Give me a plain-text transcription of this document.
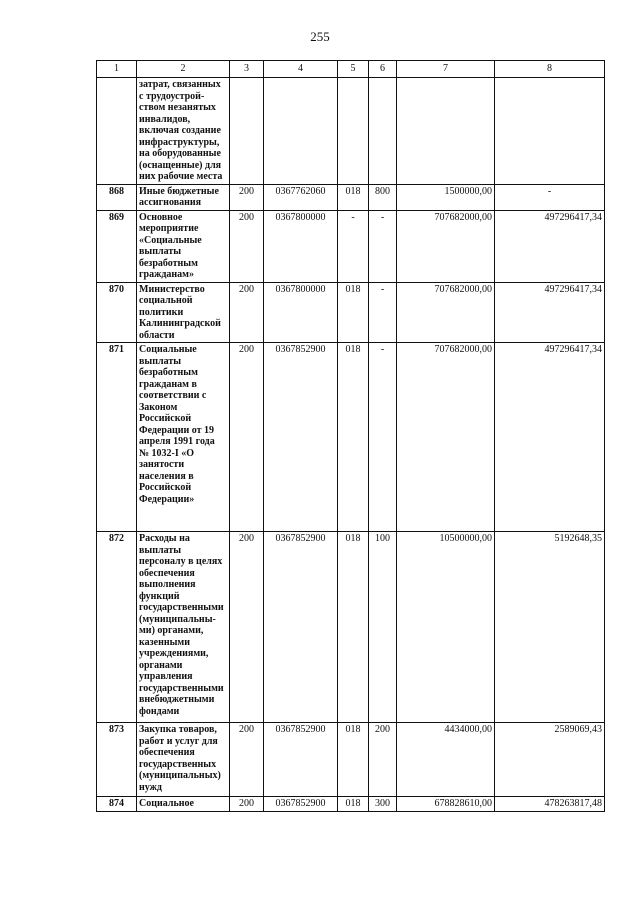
255
1	2	3	4	5	6	7	8
	затрат, связанных с трудоустрой-ством незанятых инвалидов, включая создание инфраструктуры, на оборудованные (оснащенные) для них рабочие места						
868	Иные бюджетные ассигнования	200	0367762060	018	800	1500000,00	-
869	Основное мероприятие «Социальные выплаты безработным гражданам»	200	0367800000	-	-	707682000,00	497296417,34
870	Министерство социальной политики Калининградской области	200	0367800000	018	-	707682000,00	497296417,34
871	Социальные выплаты безработным гражданам в соответствии с Законом Российской Федерации от 19 апреля 1991 года № 1032-I «О занятости населения в Российской Федерации»	200	0367852900	018	-	707682000,00	497296417,34
872	Расходы на выплаты персоналу в целях обеспечения выполнения функций государственными (муниципальны-ми) органами, казенными учреждениями, органами управления государственными внебюджетными фондами	200	0367852900	018	100	10500000,00	5192648,35
873	Закупка товаров, работ и услуг для обеспечения государственных (муниципальных) нужд	200	0367852900	018	200	4434000,00	2589069,43
874	Социальное	200	0367852900	018	300	678828610,00	478263817,48
